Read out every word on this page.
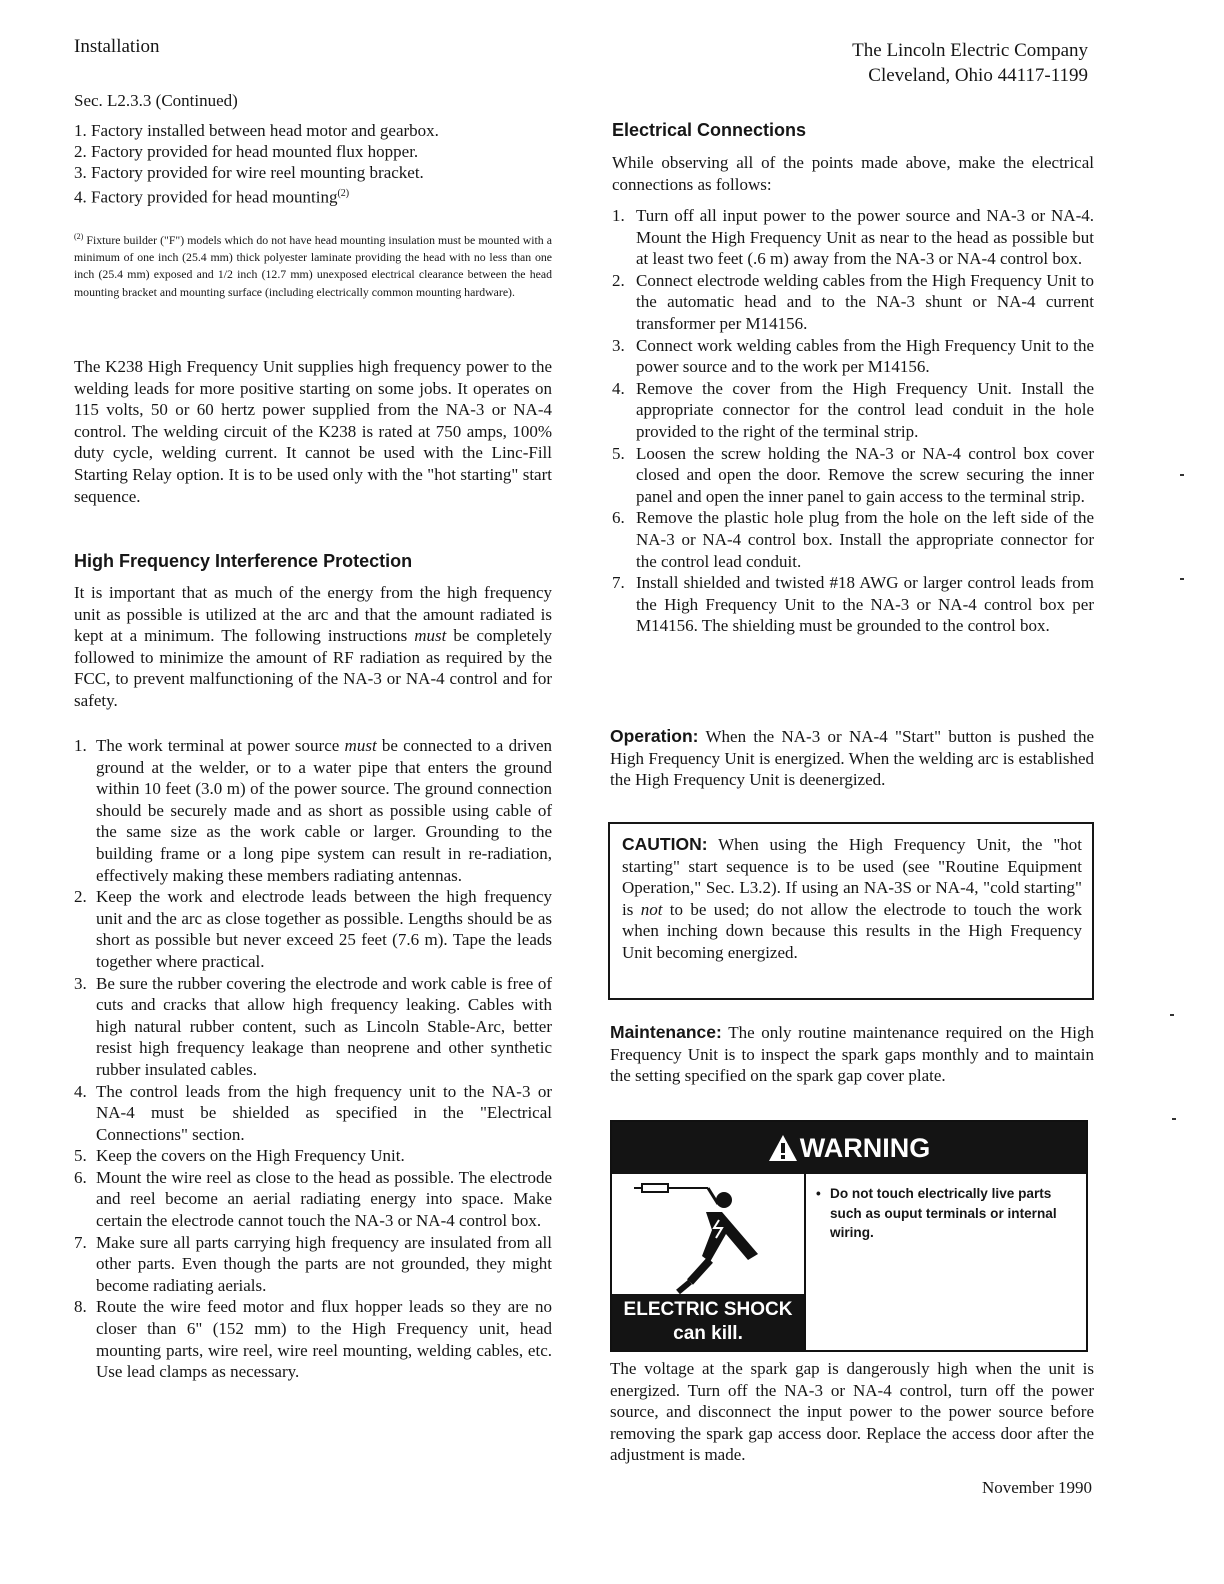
Installation	The Lincoln Electric Company
Cleveland, Ohio 44117-1199
Sec. L2.3.3 (Continued)
1. Factory installed between head motor and gearbox.
2. Factory provided for head mounted flux hopper.
3. Factory provided for wire reel mounting bracket.
4. Factory provided for head mounting$^{(2)}$
$^{(2)}$ Fixture builder ("F") models which do not have head mounting insulation must be mounted with a minimum of one inch (25.4 mm) thick polyester laminate providing the head with no less than one inch (25.4 mm) exposed and 1/2 inch (12.7 mm) unexposed electrical clearance between the head mounting bracket and mounting surface (including electrically common mounting hardware).
The K238 High Frequency Unit supplies high frequency power to the welding leads for more positive starting on some jobs. It operates on 115 volts, 50 or 60 hertz power supplied from the NA-3 or NA-4 control. The welding circuit of the K238 is rated at 750 amps, 100% duty cycle, welding current. It cannot be used with the Linc-Fill Starting Relay option. It is to be used only with the "hot starting" start sequence.
High Frequency Interference Protection
It is important that as much of the energy from the high frequency unit as possible is utilized at the arc and that the amount radiated is kept at a minimum. The following instructions must be completely followed to minimize the amount of RF radiation as required by the FCC, to prevent malfunctioning of the NA-3 or NA-4 control and for safety.
1. The work terminal at power source must be connected to a driven ground at the welder, or to a water pipe that enters the ground within 10 feet (3.0 m) of the power source. The ground connection should be securely made and as short as possible using cable of the same size as the work cable or larger. Grounding to the building frame or a long pipe system can result in re-radiation, effectively making these members radiating antennas.
2. Keep the work and electrode leads between the high frequency unit and the arc as close together as possible. Lengths should be as short as possible but never exceed 25 feet (7.6 m). Tape the leads together where practical.
3. Be sure the rubber covering the electrode and work cable is free of cuts and cracks that allow high frequency leaking. Cables with high natural rubber content, such as Lincoln Stable-Arc, better resist high frequency leakage than neoprene and other synthetic rubber insulated cables.
4. The control leads from the high frequency unit to the NA-3 or NA-4 must be shielded as specified in the "Electrical Connections" section.
5. Keep the covers on the High Frequency Unit.
6. Mount the wire reel as close to the head as possible. The electrode and reel become an aerial radiating energy into space. Make certain the electrode cannot touch the NA-3 or NA-4 control box.
7. Make sure all parts carrying high frequency are insulated from all other parts. Even though the parts are not grounded, they might become radiating aerials.
8. Route the wire feed motor and flux hopper leads so they are no closer than 6" (152 mm) to the High Frequency unit, head mounting parts, wire reel, wire reel mounting, welding cables, etc. Use lead clamps as necessary.
Electrical Connections
While observing all of the points made above, make the electrical connections as follows:
1. Turn off all input power to the power source and NA-3 or NA-4. Mount the High Frequency Unit as near to the head as possible but at least two feet (.6 m) away from the NA-3 or NA-4 control box.
2. Connect electrode welding cables from the High Frequency Unit to the automatic head and to the NA-3 shunt or NA-4 current transformer per M14156.
3. Connect work welding cables from the High Frequency Unit to the power source and to the work per M14156.
4. Remove the cover from the High Frequency Unit. Install the appropriate connector for the control lead conduit in the hole provided to the right of the terminal strip.
5. Loosen the screw holding the NA-3 or NA-4 control box cover closed and open the door. Remove the screw securing the inner panel and open the inner panel to gain access to the terminal strip.
6. Remove the plastic hole plug from the hole on the left side of the NA-3 or NA-4 control box. Install the appropriate connector for the control lead conduit.
7. Install shielded and twisted #18 AWG or larger control leads from the High Frequency Unit to the NA-3 or NA-4 control box per M14156. The shielding must be grounded to the control box.
Operation: When the NA-3 or NA-4 "Start" button is pushed the High Frequency Unit is energized. When the welding arc is established the High Frequency Unit is deenergized.
CAUTION: When using the High Frequency Unit, the "hot starting" start sequence is to be used (see "Routine Equipment Operation," Sec. L3.2). If using an NA-3S or NA-4, "cold starting" is not to be used; do not allow the electrode to touch the work when inching down because this results in the High Frequency Unit becoming energized.
Maintenance: The only routine maintenance required on the High Frequency Unit is to inspect the spark gaps monthly and to maintain the setting specified on the spark gap cover plate.
WARNING
ELECTRIC SHOCK
can kill.
• Do not touch electrically live parts such as ouput terminals or internal wiring.
The voltage at the spark gap is dangerously high when the unit is energized. Turn off the NA-3 or NA-4 control, turn off the power source, and disconnect the input power to the power source before removing the spark gap access door. Replace the access door after the adjustment is made.
November 1990
